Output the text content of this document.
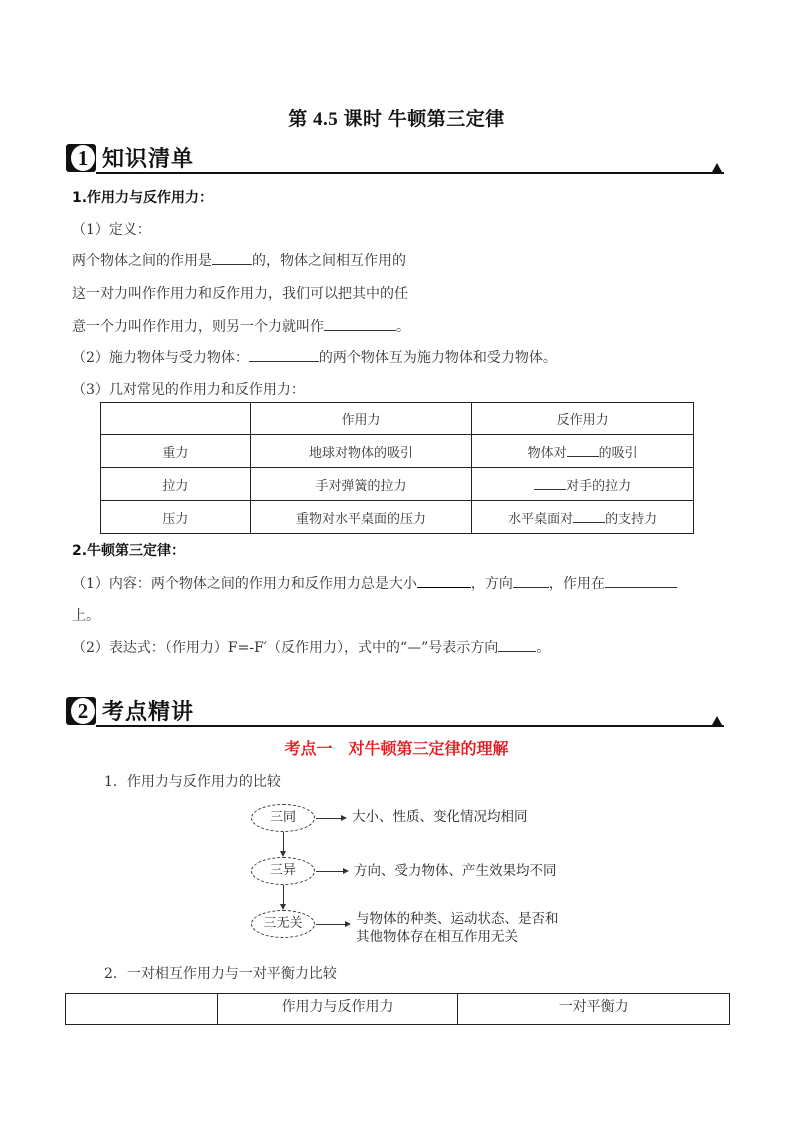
第 4.5 课时 牛顿第三定律
1 知识清单
1.作用力与反作用力：
（1）定义：
两个物体之间的作用是	的，物体之间相互作用的
这一对力叫作作用力和反作用力，我们可以把其中的任
意一个力叫作作用力，则另一个力就叫作	。
（2）施力物体与受力物体：	的两个物体互为施力物体和受力物体。
（3）几对常见的作用力和反作用力：
	作用力	反作用力
重力	地球对物体的吸引	物体对 的吸引
拉力	手对弹簧的拉力	对手的拉力
压力	重物对水平桌面的压力	水平桌面对 的支持力
2.牛顿第三定律：
（1）内容：两个物体之间的作用力和反作用力总是大小	，方向	，作用在
上。
（2）表达式：（作用力）F=-F′（反作用力），式中的“—”号表示方向	。
2 考点精讲
考点一　对牛顿第三定律的理解
1．作用力与反作用力的比较
三同	大小、性质、变化情况均相同
三异	方向、受力物体、产生效果均不同
三无关	与物体的种类、运动状态、是否和
其他物体存在相互作用无关
2．一对相互作用力与一对平衡力比较
	作用力与反作用力	一对平衡力
